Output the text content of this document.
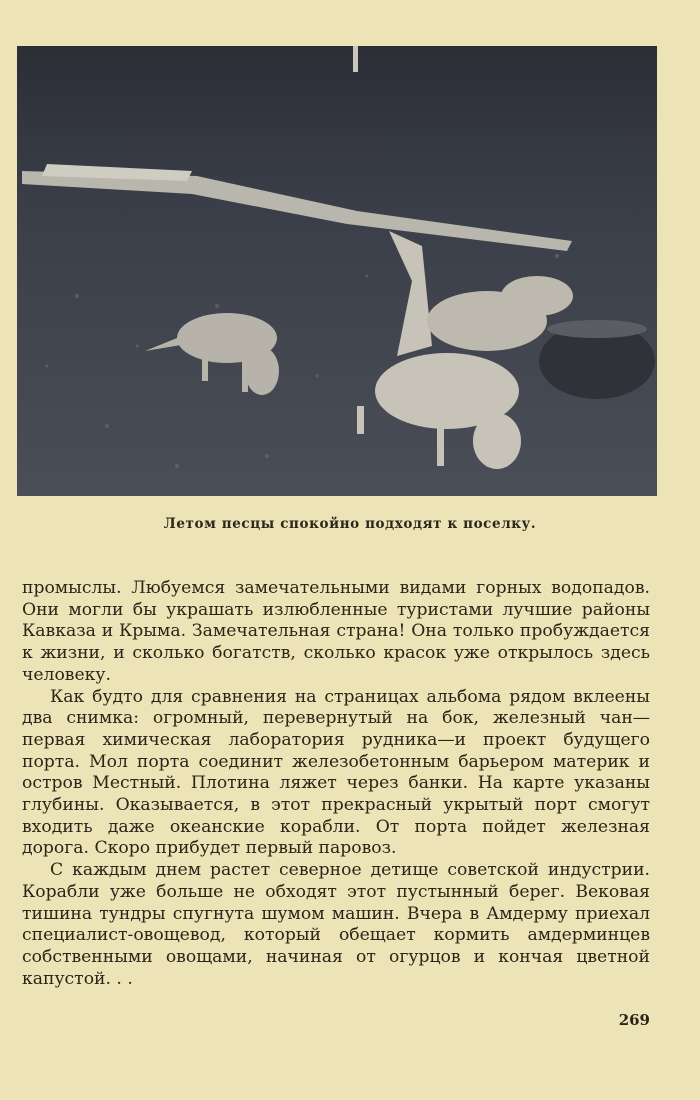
Летом песцы спокойно подходят к поселку.

промыслы. Любуемся замечательными видами горных водопадов. Они могли бы украшать излюбленные туристами лучшие районы Кавказа и Крыма. Замечательная страна! Она только пробуждается к жизни, и сколько богатств, сколько красок уже открылось здесь человеку.

Как будто для сравнения на страницах альбома рядом вклеены два снимка: огромный, перевернутый на бок, железный чан—первая химическая лаборатория рудника—и проект будущего порта. Мол порта соединит железобетонным барьером материк и остров Местный. Плотина ляжет через банки. На карте указаны глубины. Оказывается, в этот прекрасный укрытый порт смогут входить даже океанские корабли. От порта пойдет железная дорога. Скоро прибудет первый паровоз.

С каждым днем растет северное детище советской индустрии. Корабли уже больше не обходят этот пустынный берег. Вековая тишина тундры спугнута шумом машин. Вчера в Амдерму приехал специалист-овощевод, который обещает кормить амдерминцев собственными овощами, начиная от огурцов и кончая цветной капустой. . .

269
